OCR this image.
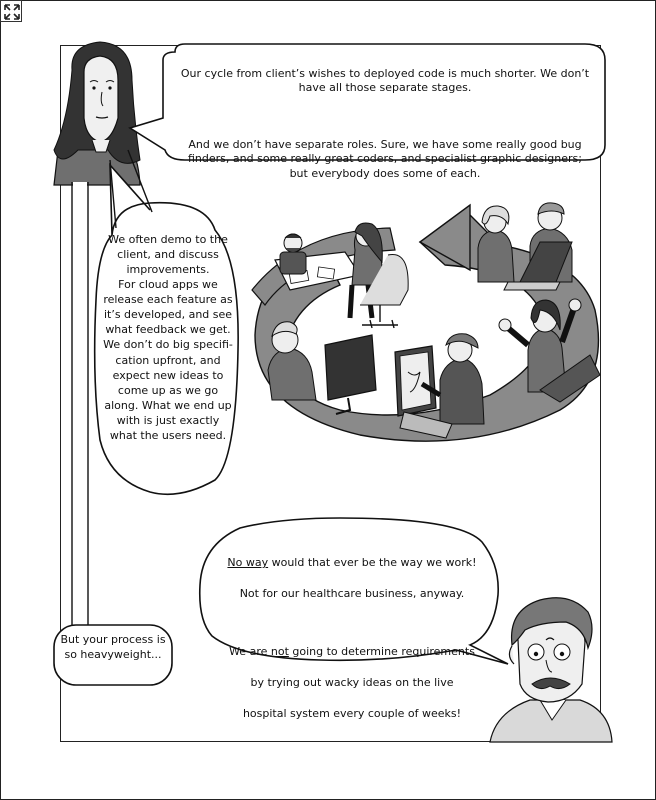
Our cycle from client’s wishes to deployed code is much shorter. We don’t have all those separate stages.

And we don’t have separate roles. Sure, we have some really good bug finders, and some really great coders, and specialist graphic designers; but everybody does some of each.

We often demo to the client, and discuss improvements.
For cloud apps we release each feature as it’s developed, and see what feedback we get.
We don’t do big specifi-cation upfront, and expect new ideas to come up as we go along. What we end up with is just exactly what the users need.
But your process is so heavyweight...

No way would that ever be the way we work!

Not for our healthcare business, anyway.

We are not going to determine requirements

by trying out wacky ideas on the live

hospital system every couple of weeks!
